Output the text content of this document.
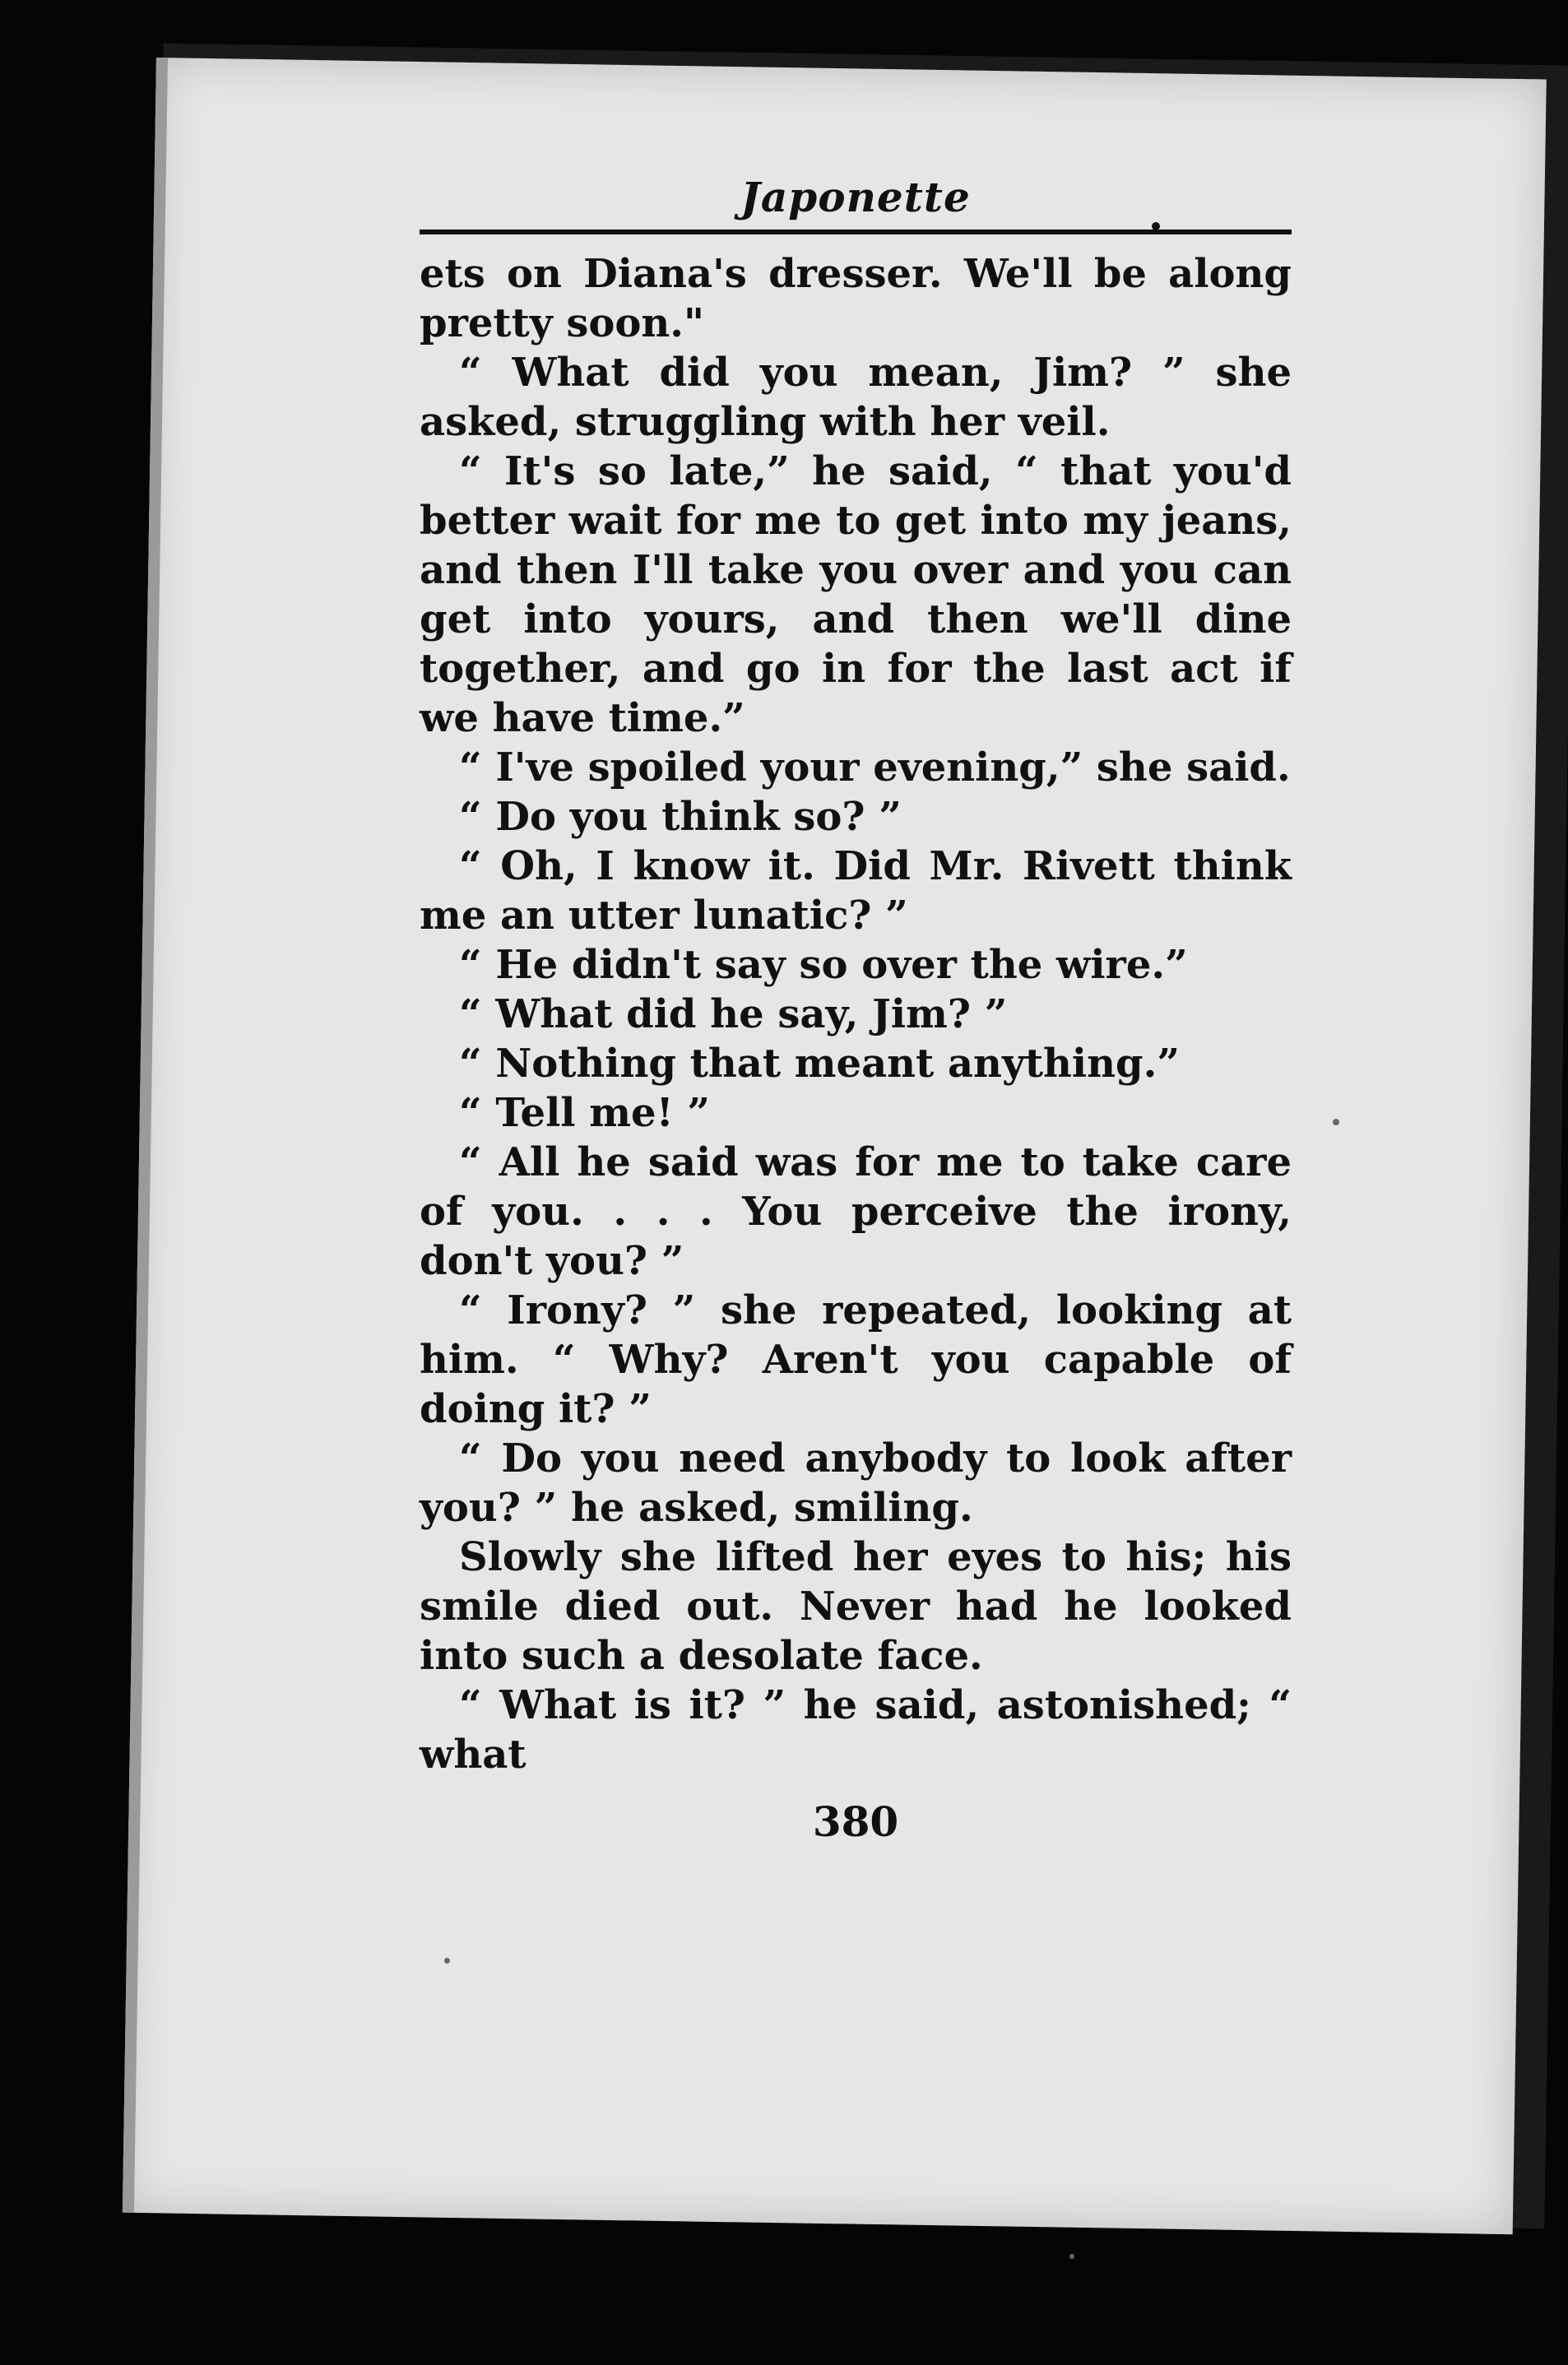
Japonette

ets on Diana's dresser. We'll be along pretty soon."

“ What did you mean, Jim? ” she asked, struggling with her veil.

“ It's so late,” he said, “ that you'd better wait for me to get into my jeans, and then I'll take you over and you can get into yours, and then we'll dine together, and go in for the last act if we have time.”

“ I've spoiled your evening,” she said.

“ Do you think so? ”

“ Oh, I know it. Did Mr. Rivett think me an utter lunatic? ”

“ He didn't say so over the wire.”

“ What did he say, Jim? ”

“ Nothing that meant anything.”

“ Tell me! ”

“ All he said was for me to take care of you. . . . You perceive the irony, don't you? ”

“ Irony? ” she repeated, looking at him. “ Why? Aren't you capable of doing it? ”

“ Do you need anybody to look after you? ” he asked, smiling.

Slowly she lifted her eyes to his; his smile died out. Never had he looked into such a desolate face.

“ What is it? ” he said, astonished; “ what

380
